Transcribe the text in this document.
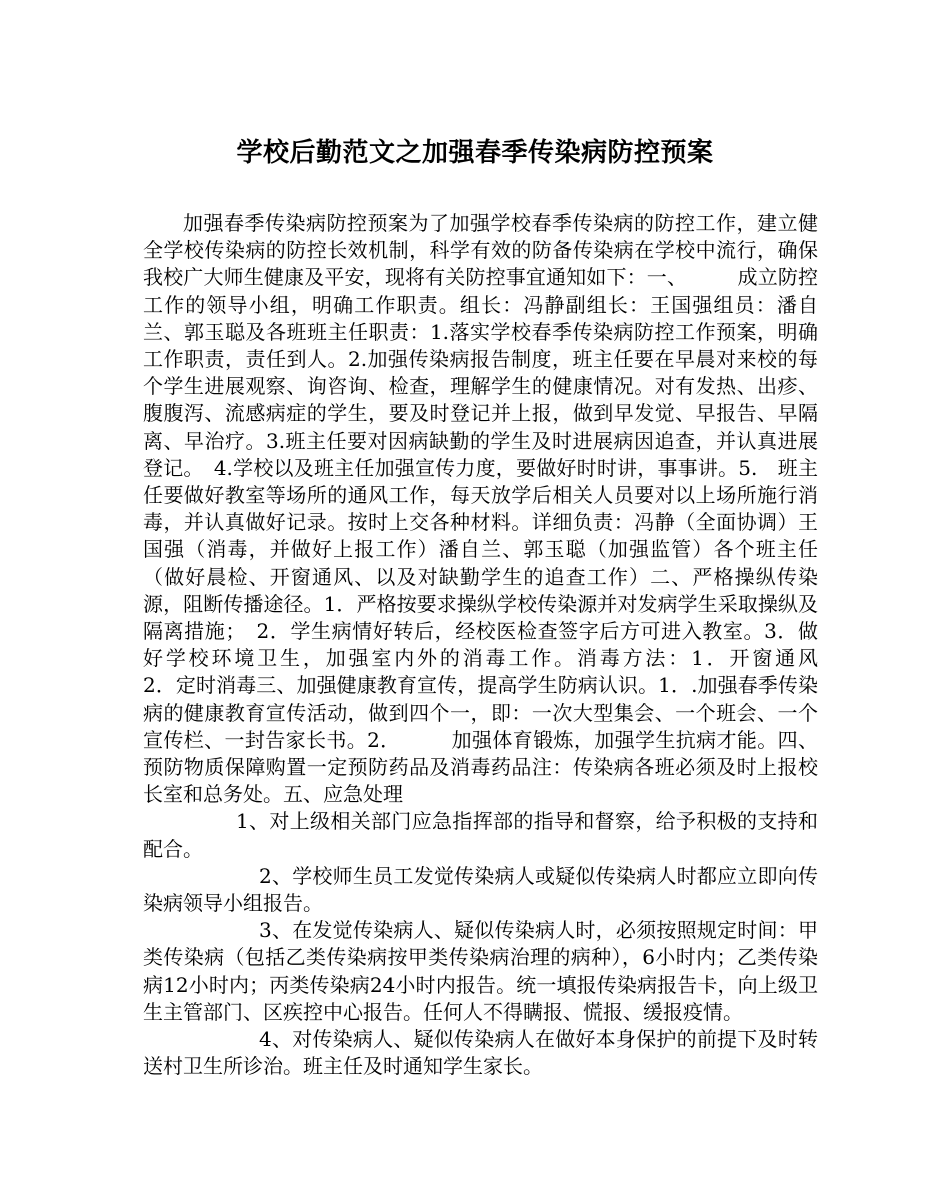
学校后勤范文之加强春季传染病防控预案

加强春季传染病防控预案为了加强学校春季传染病的防控工作，建立健全学校传染病的防控长效机制，科学有效的防备传染病在学校中流行，确保我校广大师生健康及平安，现将有关防控事宜通知如下：一、　　　成立防控工作的领导小组，明确工作职责。组长：冯静副组长：王国强组员：潘自兰、郭玉聪及各班班主任职责：1.落实学校春季传染病防控工作预案，明确工作职责，责任到人。2.加强传染病报告制度，班主任要在早晨对来校的每个学生进展观察、询咨询、检查，理解学生的健康情况。对有发热、出疹、腹腹泻、流感病症的学生，要及时登记并上报，做到早发觉、早报告、早隔离、早治疗。3.班主任要对因病缺勤的学生及时进展病因追查，并认真进展登记。　4.学校以及班主任加强宣传力度，要做好时时讲，事事讲。5.　班主任要做好教室等场所的通风工作，每天放学后相关人员要对以上场所施行消毒，并认真做好记录。按时上交各种材料。详细负责：冯静（全面协调）王国强（消毒，并做好上报工作）潘自兰、郭玉聪（加强监管）各个班主任（做好晨检、开窗通风、以及对缺勤学生的追查工作）二、严格操纵传染源，阻断传播途径。1．严格按要求操纵学校传染源并对发病学生采取操纵及隔离措施；　2．学生病情好转后，经校医检查签字后方可进入教室。3．做好学校环境卫生，加强室内外的消毒工作。消毒方法：1．开窗通风　　　　2．定时消毒三、加强健康教育宣传，提高学生防病认识。1．.加强春季传染病的健康教育宣传活动，做到四个一，即：一次大型集会、一个班会、一个宣传栏、一封告家长书。2．　　　加强体育锻炼，加强学生抗病才能。四、预防物质保障购置一定预防药品及消毒药品注：传染病各班必须及时上报校长室和总务处。五、应急处理

1、对上级相关部门应急指挥部的指导和督察，给予积极的支持和配合。

2、学校师生员工发觉传染病人或疑似传染病人时都应立即向传染病领导小组报告。

3、在发觉传染病人、疑似传染病人时，必须按照规定时间：甲类传染病（包括乙类传染病按甲类传染病治理的病种），6小时内；乙类传染病12小时内；丙类传染病24小时内报告。统一填报传染病报告卡，向上级卫生主管部门、区疾控中心报告。任何人不得瞒报、慌报、缓报疫情。

4、对传染病人、疑似传染病人在做好本身保护的前提下及时转送村卫生所诊治。班主任及时通知学生家长。
